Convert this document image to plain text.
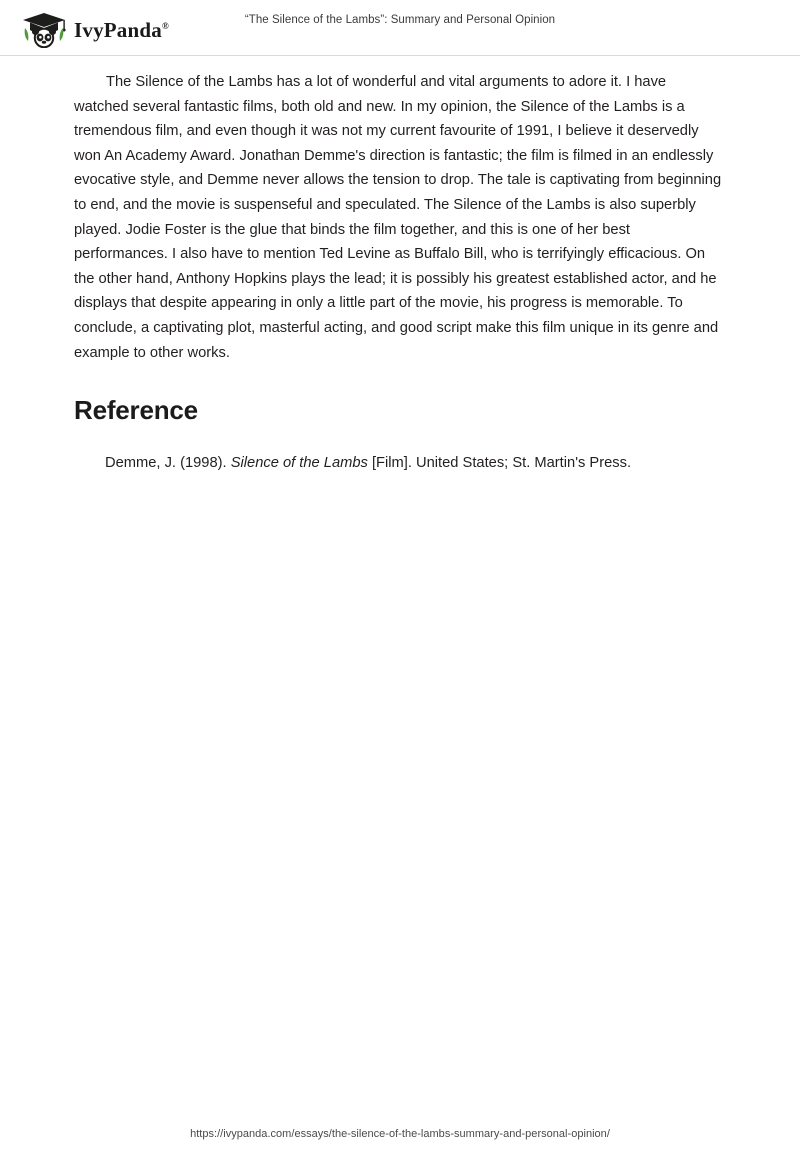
IvyPanda®	“The Silence of the Lambs”: Summary and Personal Opinion

The Silence of the Lambs has a lot of wonderful and vital arguments to adore it. I have watched several fantastic films, both old and new. In my opinion, the Silence of the Lambs is a tremendous film, and even though it was not my current favourite of 1991, I believe it deservedly won An Academy Award. Jonathan Demme's direction is fantastic; the film is filmed in an endlessly evocative style, and Demme never allows the tension to drop. The tale is captivating from beginning to end, and the movie is suspenseful and speculated. The Silence of the Lambs is also superbly played. Jodie Foster is the glue that binds the film together, and this is one of her best performances. I also have to mention Ted Levine as Buffalo Bill, who is terrifyingly efficacious. On the other hand, Anthony Hopkins plays the lead; it is possibly his greatest established actor, and he displays that despite appearing in only a little part of the movie, his progress is memorable. To conclude, a captivating plot, masterful acting, and good script make this film unique in its genre and example to other works.

Reference
Demme, J. (1998). Silence of the Lambs [Film]. United States; St. Martin's Press.
https://ivypanda.com/essays/the-silence-of-the-lambs-summary-and-personal-opinion/
